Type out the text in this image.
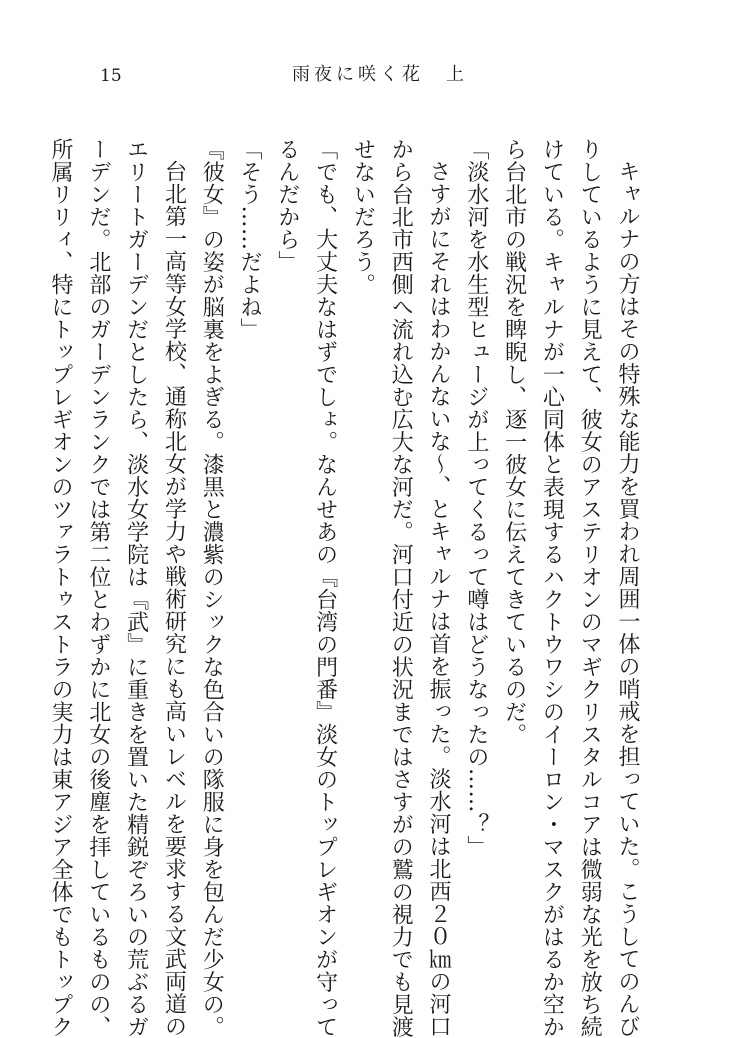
15	雨夜に咲く花　上

キャルナの方はその特殊な能力を買われ周囲一体の哨戒を担っていた。こうしてのんび

りしているように見えて、彼女のアステリオンのマギクリスタルコアは微弱な光を放ち続

けている。キャルナが一心同体と表現するハクトウワシのイーロン・マスクがはるか空か

ら台北市の戦況を睥睨し、逐一彼女に伝えてきているのだ。

「淡水河を水生型ヒュージが上ってくるって噂はどうなったの……？」

さすがにそれはわかんないな〜、とキャルナは首を振った。淡水河は北西２０㎞の河口

から台北市西側へ流れ込む広大な河だ。河口付近の状況まではさすがの鷲の視力でも見渡

せないだろう。

「でも、大丈夫なはずでしょ。なんせあの『台湾の門番』淡女のトップレギオンが守って

るんだから」

「そう……だよね」

『彼女』の姿が脳裏をよぎる。漆黒と濃紫のシックな色合いの隊服に身を包んだ少女の。

台北第一高等女学校、通称北女が学力や戦術研究にも高いレベルを要求する文武両道の

エリートガーデンだとしたら、淡水女学院は『武』に重きを置いた精鋭ぞろいの荒ぶるガ

ーデンだ。北部のガーデンランクでは第二位とわずかに北女の後塵を拝しているものの、

所属リリィ、特にトップレギオンのツァラトゥストラの実力は東アジア全体でもトップク
